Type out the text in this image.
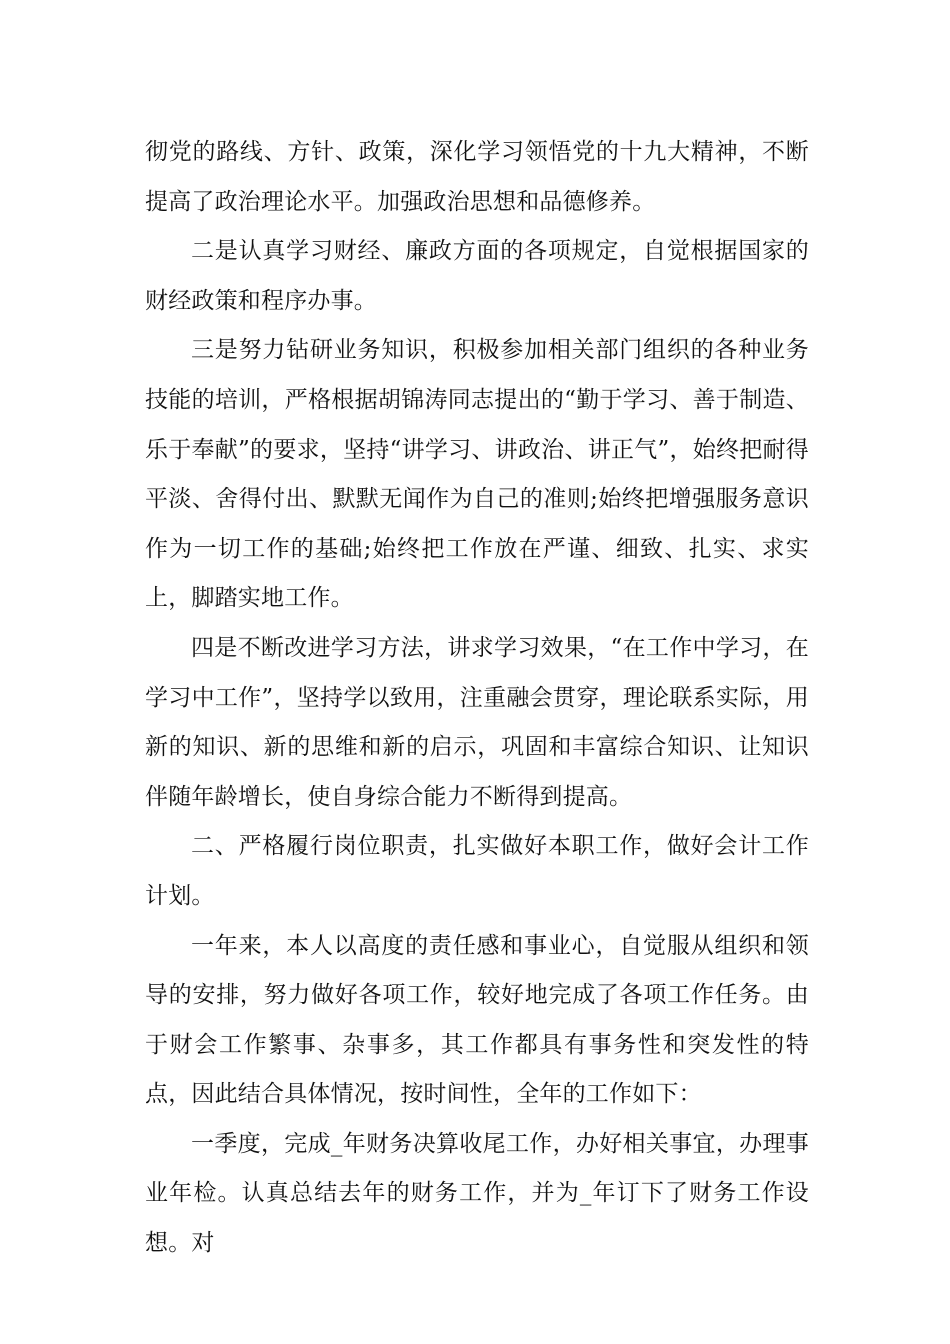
彻党的路线、方针、政策，深化学习领悟党的十九大精神，不断提高了政治理论水平。加强政治思想和品德修养。

二是认真学习财经、廉政方面的各项规定，自觉根据国家的财经政策和程序办事。

三是努力钻研业务知识，积极参加相关部门组织的各种业务技能的培训，严格根据胡锦涛同志提出的“勤于学习、善于制造、乐于奉献”的要求，坚持“讲学习、讲政治、讲正气”，始终把耐得平淡、舍得付出、默默无闻作为自己的准则;始终把增强服务意识作为一切工作的基础;始终把工作放在严谨、细致、扎实、求实上，脚踏实地工作。

四是不断改进学习方法，讲求学习效果，“在工作中学习，在学习中工作”，坚持学以致用，注重融会贯穿，理论联系实际，用新的知识、新的思维和新的启示，巩固和丰富综合知识、让知识伴随年龄增长，使自身综合能力不断得到提高。

二、严格履行岗位职责，扎实做好本职工作，做好会计工作计划。

一年来，本人以高度的责任感和事业心，自觉服从组织和领导的安排，努力做好各项工作，较好地完成了各项工作任务。由于财会工作繁事、杂事多，其工作都具有事务性和突发性的特点，因此结合具体情况，按时间性，全年的工作如下：

一季度，完成_年财务决算收尾工作，办好相关事宜，办理事业年检。认真总结去年的财务工作，并为_年订下了财务工作设想。对
